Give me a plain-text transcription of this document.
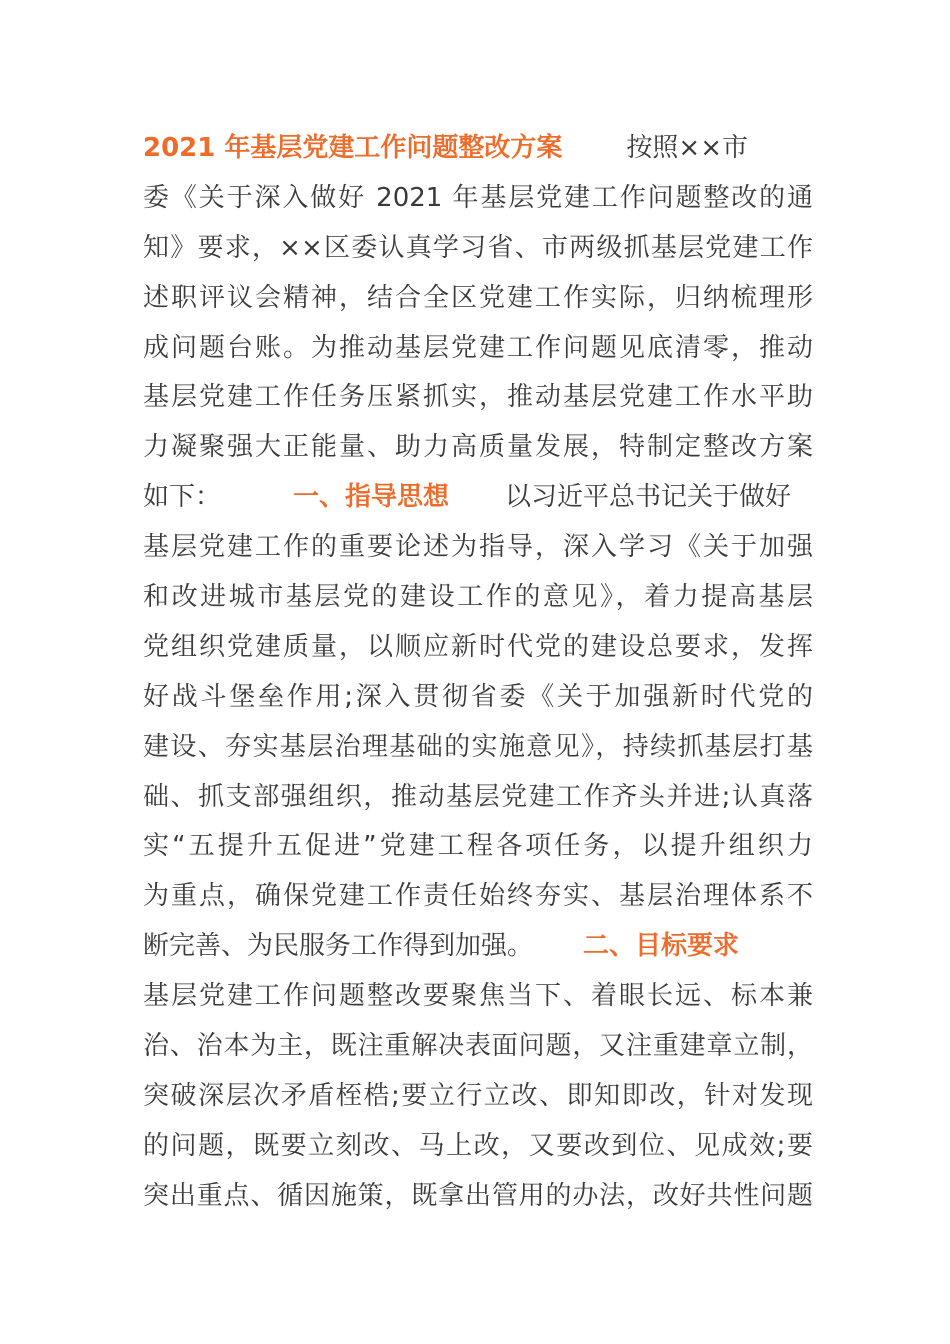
2021 年基层党建工作问题整改方案 按照××市
委《关于深入做好 2021 年基层党建工作问题整改的通
知》要求，××区委认真学习省、市两级抓基层党建工作
述职评议会精神，结合全区党建工作实际，归纳梳理形
成问题台账。为推动基层党建工作问题见底清零，推动
基层党建工作任务压紧抓实，推动基层党建工作水平助
力凝聚强大正能量、助力高质量发展，特制定整改方案
如下：	一、指导思想 以习近平总书记关于做好
基层党建工作的重要论述为指导，深入学习《关于加强
和改进城市基层党的建设工作的意见》，着力提高基层
党组织党建质量，以顺应新时代党的建设总要求，发挥
好战斗堡垒作用;深入贯彻省委《关于加强新时代党的
建设、夯实基层治理基础的实施意见》，持续抓基层打基
础、抓支部强组织，推动基层党建工作齐头并进;认真落
实“五提升五促进”党建工程各项任务，以提升组织力
为重点，确保党建工作责任始终夯实、基层治理体系不
断完善、为民服务工作得到加强。 二、目标要求
基层党建工作问题整改要聚焦当下、着眼长远、标本兼
治、治本为主，既注重解决表面问题，又注重建章立制，
突破深层次矛盾桎梏;要立行立改、即知即改，针对发现
的问题，既要立刻改、马上改，又要改到位、见成效;要
突出重点、循因施策，既拿出管用的办法，改好共性问题
